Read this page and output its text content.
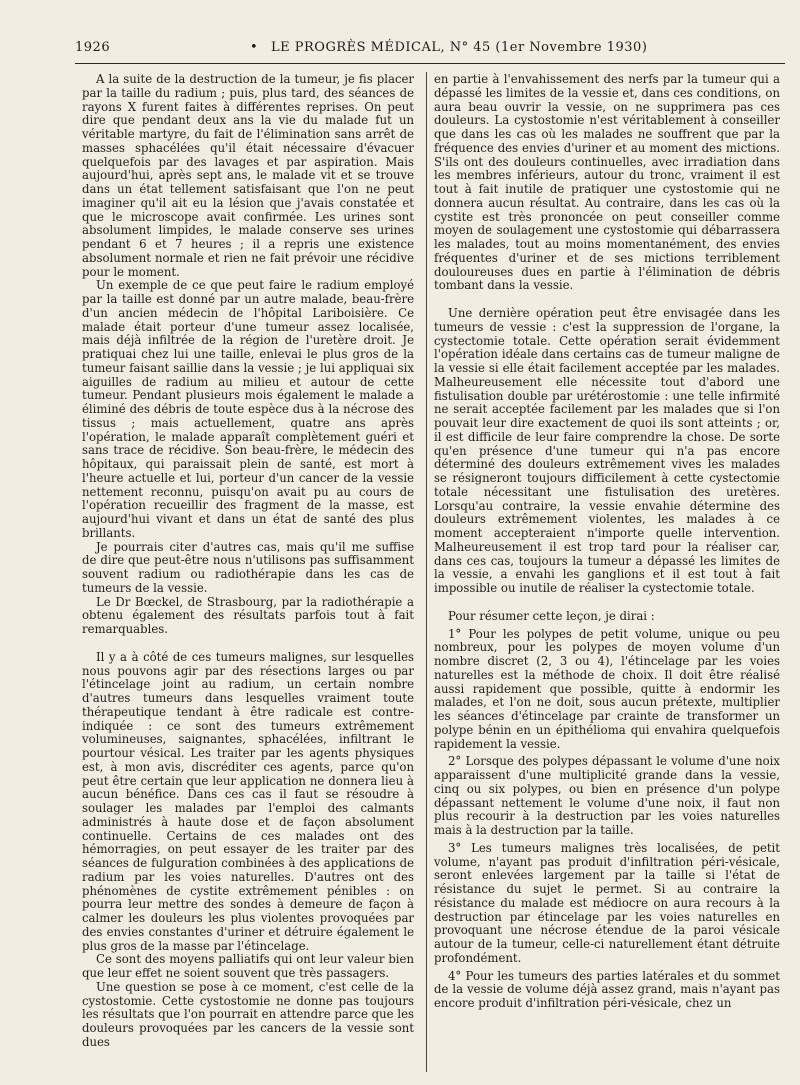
1926	• LE PROGRÈS MÉDICAL, N° 45 (1er Novembre 1930)

A la suite de la destruction de la tumeur, je fis placer par la taille du radium ; puis, plus tard, des séances de rayons X furent faites à différentes reprises. On peut dire que pendant deux ans la vie du malade fut un véritable martyre, du fait de l'élimination sans arrêt de masses sphacélées qu'il était nécessaire d'évacuer quelquefois par des lavages et par aspiration. Mais aujourd'hui, après sept ans, le malade vit et se trouve dans un état tellement satisfaisant que l'on ne peut imaginer qu'il ait eu la lésion que j'avais constatée et que le microscope avait confirmée. Les urines sont absolument limpides, le malade conserve ses urines pendant 6 et 7 heures ; il a repris une existence absolument normale et rien ne fait prévoir une récidive pour le moment.

Un exemple de ce que peut faire le radium employé par la taille est donné par un autre malade, beau-frère d'un ancien médecin de l'hôpital Lariboisière. Ce malade était porteur d'une tumeur assez localisée, mais déjà infiltrée de la région de l'uretère droit. Je pratiquai chez lui une taille, enlevai le plus gros de la tumeur faisant saillie dans la vessie ; je lui appliquai six aiguilles de radium au milieu et autour de cette tumeur. Pendant plusieurs mois également le malade a éliminé des débris de toute espèce dus à la nécrose des tissus ; mais actuellement, quatre ans après l'opération, le malade apparaît complètement guéri et sans trace de récidive. Son beau-frère, le médecin des hôpitaux, qui paraissait plein de santé, est mort à l'heure actuelle et lui, porteur d'un cancer de la vessie nettement reconnu, puisqu'on avait pu au cours de l'opération recueillir des fragment de la masse, est aujourd'hui vivant et dans un état de santé des plus brillants.

Je pourrais citer d'autres cas, mais qu'il me suffise de dire que peut-être nous n'utilisons pas suffisamment souvent radium ou radiothérapie dans les cas de tumeurs de la vessie.

Le Dr Bœckel, de Strasbourg, par la radiothérapie a obtenu également des résultats parfois tout à fait remarquables.

Il y a à côté de ces tumeurs malignes, sur lesquelles nous pouvons agir par des résections larges ou par l'étincelage joint au radium, un certain nombre d'autres tumeurs dans lesquelles vraiment toute thérapeutique tendant à être radicale est contre-indiquée : ce sont des tumeurs extrêmement volumineuses, saignantes, sphacélées, infiltrant le pourtour vésical. Les traiter par les agents physiques est, à mon avis, discréditer ces agents, parce qu'on peut être certain que leur application ne donnera lieu à aucun bénéfice. Dans ces cas il faut se résoudre à soulager les malades par l'emploi des calmants administrés à haute dose et de façon absolument continuelle. Certains de ces malades ont des hémorragies, on peut essayer de les traiter par des séances de fulguration combinées à des applications de radium par les voies naturelles. D'autres ont des phénomènes de cystite extrêmement pénibles : on pourra leur mettre des sondes à demeure de façon à calmer les douleurs les plus violentes provoquées par des envies constantes d'uriner et détruire également le plus gros de la masse par l'étincelage.

Ce sont des moyens palliatifs qui ont leur valeur bien que leur effet ne soient souvent que très passagers.

Une question se pose à ce moment, c'est celle de la cystostomie. Cette cystostomie ne donne pas toujours les résultats que l'on pourrait en attendre parce que les douleurs provoquées par les cancers de la vessie sont dues

en partie à l'envahissement des nerfs par la tumeur qui a dépassé les limites de la vessie et, dans ces conditions, on aura beau ouvrir la vessie, on ne supprimera pas ces douleurs. La cystostomie n'est véritablement à conseiller que dans les cas où les malades ne souffrent que par la fréquence des envies d'uriner et au moment des mictions. S'ils ont des douleurs continuelles, avec irradiation dans les membres inférieurs, autour du tronc, vraiment il est tout à fait inutile de pratiquer une cystostomie qui ne donnera aucun résultat. Au contraire, dans les cas où la cystite est très prononcée on peut conseiller comme moyen de soulagement une cystostomie qui débarrassera les malades, tout au moins momentanément, des envies fréquentes d'uriner et de ses mictions terriblement douloureuses dues en partie à l'élimination de débris tombant dans la vessie.

Une dernière opération peut être envisagée dans les tumeurs de vessie : c'est la suppression de l'organe, la cystectomie totale. Cette opération serait évidemment l'opération idéale dans certains cas de tumeur maligne de la vessie si elle était facilement acceptée par les malades. Malheureusement elle nécessite tout d'abord une fistulisation double par urétérostomie : une telle infirmité ne serait acceptée facilement par les malades que si l'on pouvait leur dire exactement de quoi ils sont atteints ; or, il est difficile de leur faire comprendre la chose. De sorte qu'en présence d'une tumeur qui n'a pas encore déterminé des douleurs extrêmement vives les malades se résigneront toujours difficilement à cette cystectomie totale nécessitant une fistulisation des uretères. Lorsqu'au contraire, la vessie envahie détermine des douleurs extrêmement violentes, les malades à ce moment accepteraient n'importe quelle intervention. Malheureusement il est trop tard pour la réaliser car, dans ces cas, toujours la tumeur a dépassé les limites de la vessie, a envahi les ganglions et il est tout à fait impossible ou inutile de réaliser la cystectomie totale.

Pour résumer cette leçon, je dirai :

1° Pour les polypes de petit volume, unique ou peu nombreux, pour les polypes de moyen volume d'un nombre discret (2, 3 ou 4), l'étincelage par les voies naturelles est la méthode de choix. Il doit être réalisé aussi rapidement que possible, quitte à endormir les malades, et l'on ne doit, sous aucun prétexte, multiplier les séances d'étincelage par crainte de transformer un polype bénin en un épithélioma qui envahira quelquefois rapidement la vessie.

2° Lorsque des polypes dépassant le volume d'une noix apparaissent d'une multiplicité grande dans la vessie, cinq ou six polypes, ou bien en présence d'un polype dépassant nettement le volume d'une noix, il faut non plus recourir à la destruction par les voies naturelles mais à la destruction par la taille.

3° Les tumeurs malignes très localisées, de petit volume, n'ayant pas produit d'infiltration péri-vésicale, seront enlevées largement par la taille si l'état de résistance du sujet le permet. Si au contraire la résistance du malade est médiocre on aura recours à la destruction par étincelage par les voies naturelles en provoquant une nécrose étendue de la paroi vésicale autour de la tumeur, celle-ci naturellement étant détruite profondément.

4° Pour les tumeurs des parties latérales et du sommet de la vessie de volume déjà assez grand, mais n'ayant pas encore produit d'infiltration péri-vésicale, chez un
